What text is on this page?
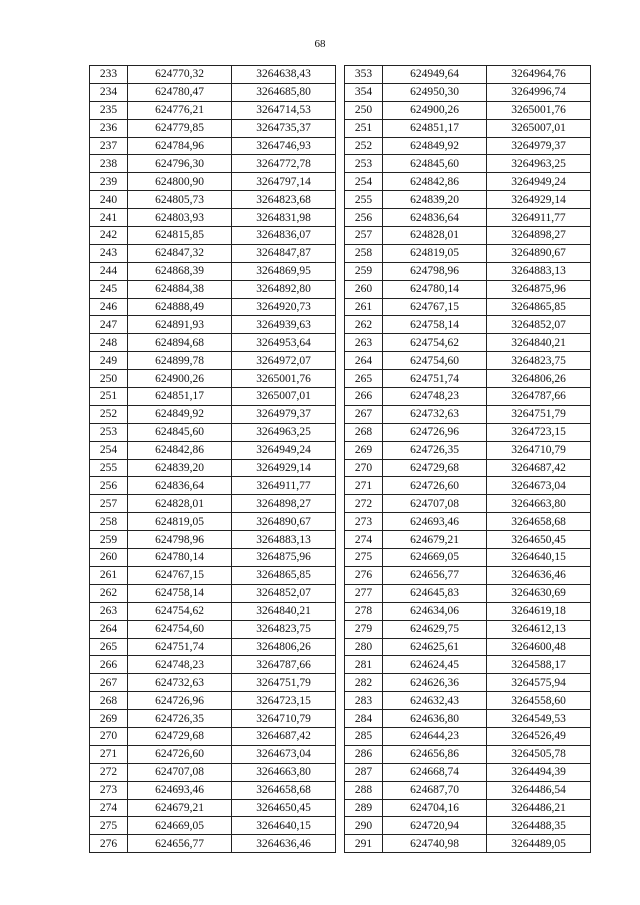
68
233	624770,32	3264638,43
234	624780,47	3264685,80
235	624776,21	3264714,53
236	624779,85	3264735,37
237	624784,96	3264746,93
238	624796,30	3264772,78
239	624800,90	3264797,14
240	624805,73	3264823,68
241	624803,93	3264831,98
242	624815,85	3264836,07
243	624847,32	3264847,87
244	624868,39	3264869,95
245	624884,38	3264892,80
246	624888,49	3264920,73
247	624891,93	3264939,63
248	624894,68	3264953,64
249	624899,78	3264972,07
250	624900,26	3265001,76
251	624851,17	3265007,01
252	624849,92	3264979,37
253	624845,60	3264963,25
254	624842,86	3264949,24
255	624839,20	3264929,14
256	624836,64	3264911,77
257	624828,01	3264898,27
258	624819,05	3264890,67
259	624798,96	3264883,13
260	624780,14	3264875,96
261	624767,15	3264865,85
262	624758,14	3264852,07
263	624754,62	3264840,21
264	624754,60	3264823,75
265	624751,74	3264806,26
266	624748,23	3264787,66
267	624732,63	3264751,79
268	624726,96	3264723,15
269	624726,35	3264710,79
270	624729,68	3264687,42
271	624726,60	3264673,04
272	624707,08	3264663,80
273	624693,46	3264658,68
274	624679,21	3264650,45
275	624669,05	3264640,15
276	624656,77	3264636,46
353	624949,64	3264964,76
354	624950,30	3264996,74
250	624900,26	3265001,76
251	624851,17	3265007,01
252	624849,92	3264979,37
253	624845,60	3264963,25
254	624842,86	3264949,24
255	624839,20	3264929,14
256	624836,64	3264911,77
257	624828,01	3264898,27
258	624819,05	3264890,67
259	624798,96	3264883,13
260	624780,14	3264875,96
261	624767,15	3264865,85
262	624758,14	3264852,07
263	624754,62	3264840,21
264	624754,60	3264823,75
265	624751,74	3264806,26
266	624748,23	3264787,66
267	624732,63	3264751,79
268	624726,96	3264723,15
269	624726,35	3264710,79
270	624729,68	3264687,42
271	624726,60	3264673,04
272	624707,08	3264663,80
273	624693,46	3264658,68
274	624679,21	3264650,45
275	624669,05	3264640,15
276	624656,77	3264636,46
277	624645,83	3264630,69
278	624634,06	3264619,18
279	624629,75	3264612,13
280	624625,61	3264600,48
281	624624,45	3264588,17
282	624626,36	3264575,94
283	624632,43	3264558,60
284	624636,80	3264549,53
285	624644,23	3264526,49
286	624656,86	3264505,78
287	624668,74	3264494,39
288	624687,70	3264486,54
289	624704,16	3264486,21
290	624720,94	3264488,35
291	624740,98	3264489,05
